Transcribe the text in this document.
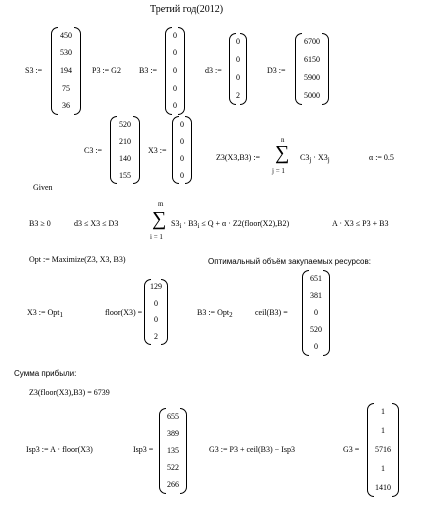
Третий год(2012)
S3 :=
450
530
194
75
36
P3 := G2 B3 :=
0
0
0
0
0
d3 :=
0
0
0
2
D3 :=
6700
6150
5900
5000
C3 :=
520
210
140
155
X3 :=
0
0
0
0
Z3(X3,B3) :=
n
∑
j = 1
$C3_j \cdot X3_j$	α := 0.5
Given
B3 ≥ 0	d3 ≤ X3 ≤ D3
m
∑
i = 1
$S3_i \cdot B3_i \le Q + \alpha$ · Z2(floor(X2),B2)	A · X3 ≤ P3 + B3
Opt := Maximize(Z3, X3, B3)	Оптимальный объём закупаемых ресурсов:
X3 := Opt$_1$	floor(X3) =
129
0
0
2
B3 := Opt$_2$	ceil(B3) =
651
381
0
520
0
Сумма прибыли:
Z3(floor(X3),B3) = 6739
Isp3 := A · floor(X3)	Isp3 =
655
389
135
522
266
G3 := P3 + ceil(B3) − Isp3	G3 =
1
1
5716
1
1410
